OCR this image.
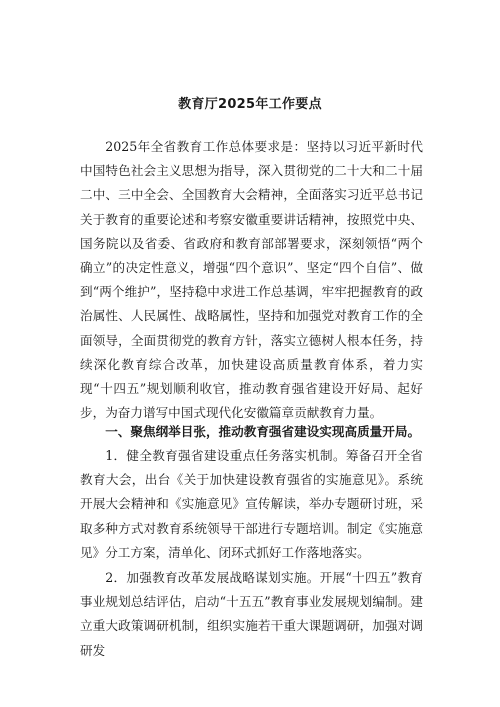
教育厅2025年工作要点

2025年全省教育工作总体要求是：坚持以习近平新时代中国特色社会主义思想为指导，深入贯彻党的二十大和二十届二中、三中全会、全国教育大会精神，全面落实习近平总书记关于教育的重要论述和考察安徽重要讲话精神，按照党中央、国务院以及省委、省政府和教育部部署要求，深刻领悟“两个确立”的决定性意义，增强“四个意识”、坚定“四个自信”、做到“两个维护”，坚持稳中求进工作总基调，牢牢把握教育的政治属性、人民属性、战略属性，坚持和加强党对教育工作的全面领导，全面贯彻党的教育方针，落实立德树人根本任务，持续深化教育综合改革，加快建设高质量教育体系，着力实现“十四五”规划顺利收官，推动教育强省建设开好局、起好步，为奋力谱写中国式现代化安徽篇章贡献教育力量。

一、聚焦纲举目张，推动教育强省建设实现高质量开局。

1．健全教育强省建设重点任务落实机制。筹备召开全省教育大会，出台《关于加快建设教育强省的实施意见》。系统开展大会精神和《实施意见》宣传解读，举办专题研讨班，采取多种方式对教育系统领导干部进行专题培训。制定《实施意见》分工方案，清单化、闭环式抓好工作落地落实。

2．加强教育改革发展战略谋划实施。开展“十四五”教育事业规划总结评估，启动“十五五”教育事业发展规划编制。建立重大政策调研机制，组织实施若干重大课题调研，加强对调研发
